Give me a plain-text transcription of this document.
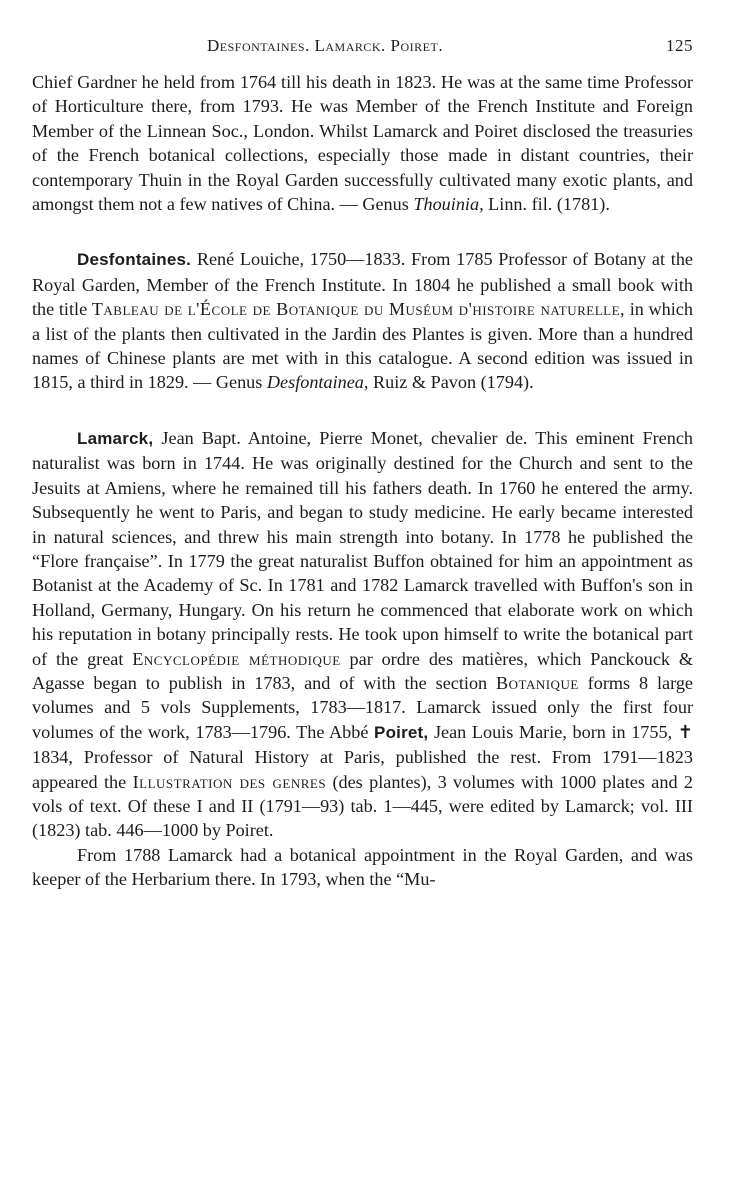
Desfontaines. Lamarck. Poiret.	125
Chief Gardner he held from 1764 till his death in 1823. He was at the same time Professor of Horticulture there, from 1793. He was Member of the French Institute and Foreign Member of the Linnean Soc., London. Whilst Lamarck and Poiret disclosed the treasuries of the French botanical collections, especially those made in distant countries, their contemporary Thuin in the Royal Garden successfully cultivated many exotic plants, and amongst them not a few natives of China. — Genus Thouinia, Linn. fil. (1781).
Desfontaines. René Louiche, 1750—1833. From 1785 Professor of Botany at the Royal Garden, Member of the French Institute. In 1804 he published a small book with the title Tableau de l'École de Botanique du Muséum d'histoire naturelle, in which a list of the plants then cultivated in the Jardin des Plantes is given. More than a hundred names of Chinese plants are met with in this catalogue. A second edition was issued in 1815, a third in 1829. — Genus Desfontainea, Ruiz & Pavon (1794).
Lamarck, Jean Bapt. Antoine, Pierre Monet, chevalier de. This eminent French naturalist was born in 1744. He was originally destined for the Church and sent to the Jesuits at Amiens, where he remained till his fathers death. In 1760 he entered the army. Subsequently he went to Paris, and began to study medicine. He early became interested in natural sciences, and threw his main strength into botany. In 1778 he published the “Flore française”. In 1779 the great naturalist Buffon obtained for him an appointment as Botanist at the Academy of Sc. In 1781 and 1782 Lamarck travelled with Buffon's son in Holland, Germany, Hungary. On his return he commenced that elaborate work on which his reputation in botany principally rests. He took upon himself to write the botanical part of the great Encyclopédie méthodique par ordre des matières, which Panckouck & Agasse began to publish in 1783, and of with the section Botanique forms 8 large volumes and 5 vols Supplements, 1783—1817. Lamarck issued only the first four volumes of the work, 1783—1796. The Abbé Poiret, Jean Louis Marie, born in 1755, ✝ 1834, Professor of Natural History at Paris, published the rest. From 1791—1823 appeared the Illustration des genres (des plantes), 3 volumes with 1000 plates and 2 vols of text. Of these I and II (1791—93) tab. 1—445, were edited by Lamarck; vol. III (1823) tab. 446—1000 by Poiret.
From 1788 Lamarck had a botanical appointment in the Royal Garden, and was keeper of the Herbarium there. In 1793, when the “Mu-
